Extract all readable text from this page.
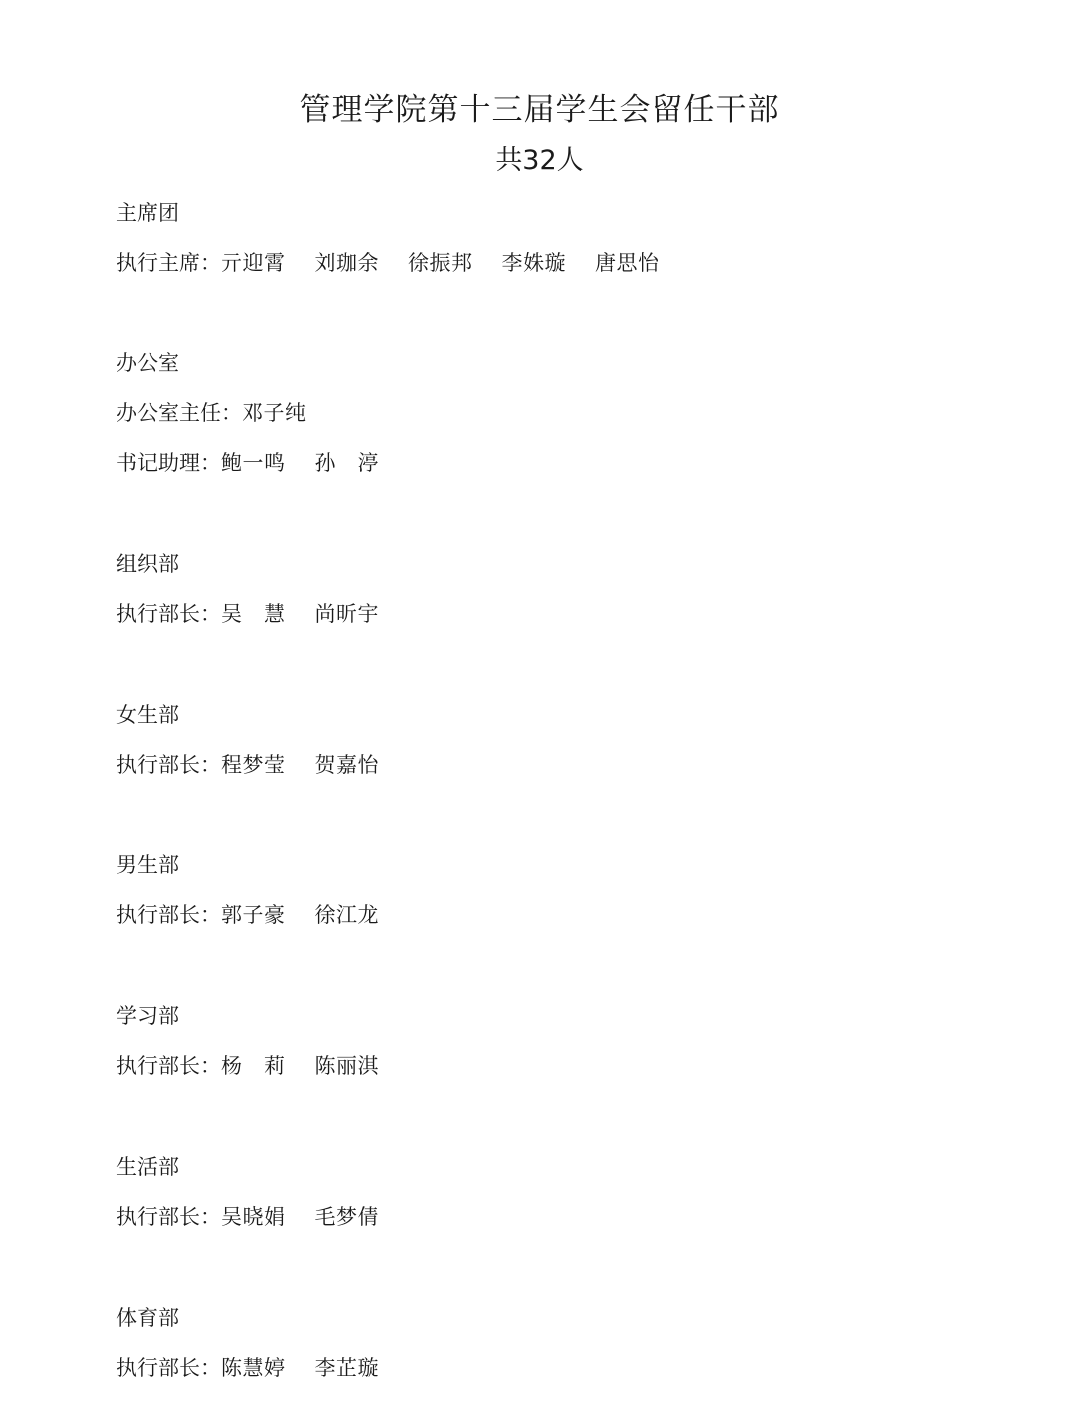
管理学院第十三届学生会留任干部
共32人
主席团
执行主席： 亓迎霄 刘珈余 徐振邦 李姝璇 唐思怡
办公室
办公室主任： 邓子纯
书记助理： 鲍一鸣 孙　渟
组织部
执行部长： 吴　慧 尚昕宇
女生部
执行部长： 程梦莹 贺嘉怡
男生部
执行部长： 郭子豪 徐江龙
学习部
执行部长： 杨　莉 陈丽淇
生活部
执行部长： 吴晓娟 毛梦倩
体育部
执行部长： 陈慧婷 李芷璇
